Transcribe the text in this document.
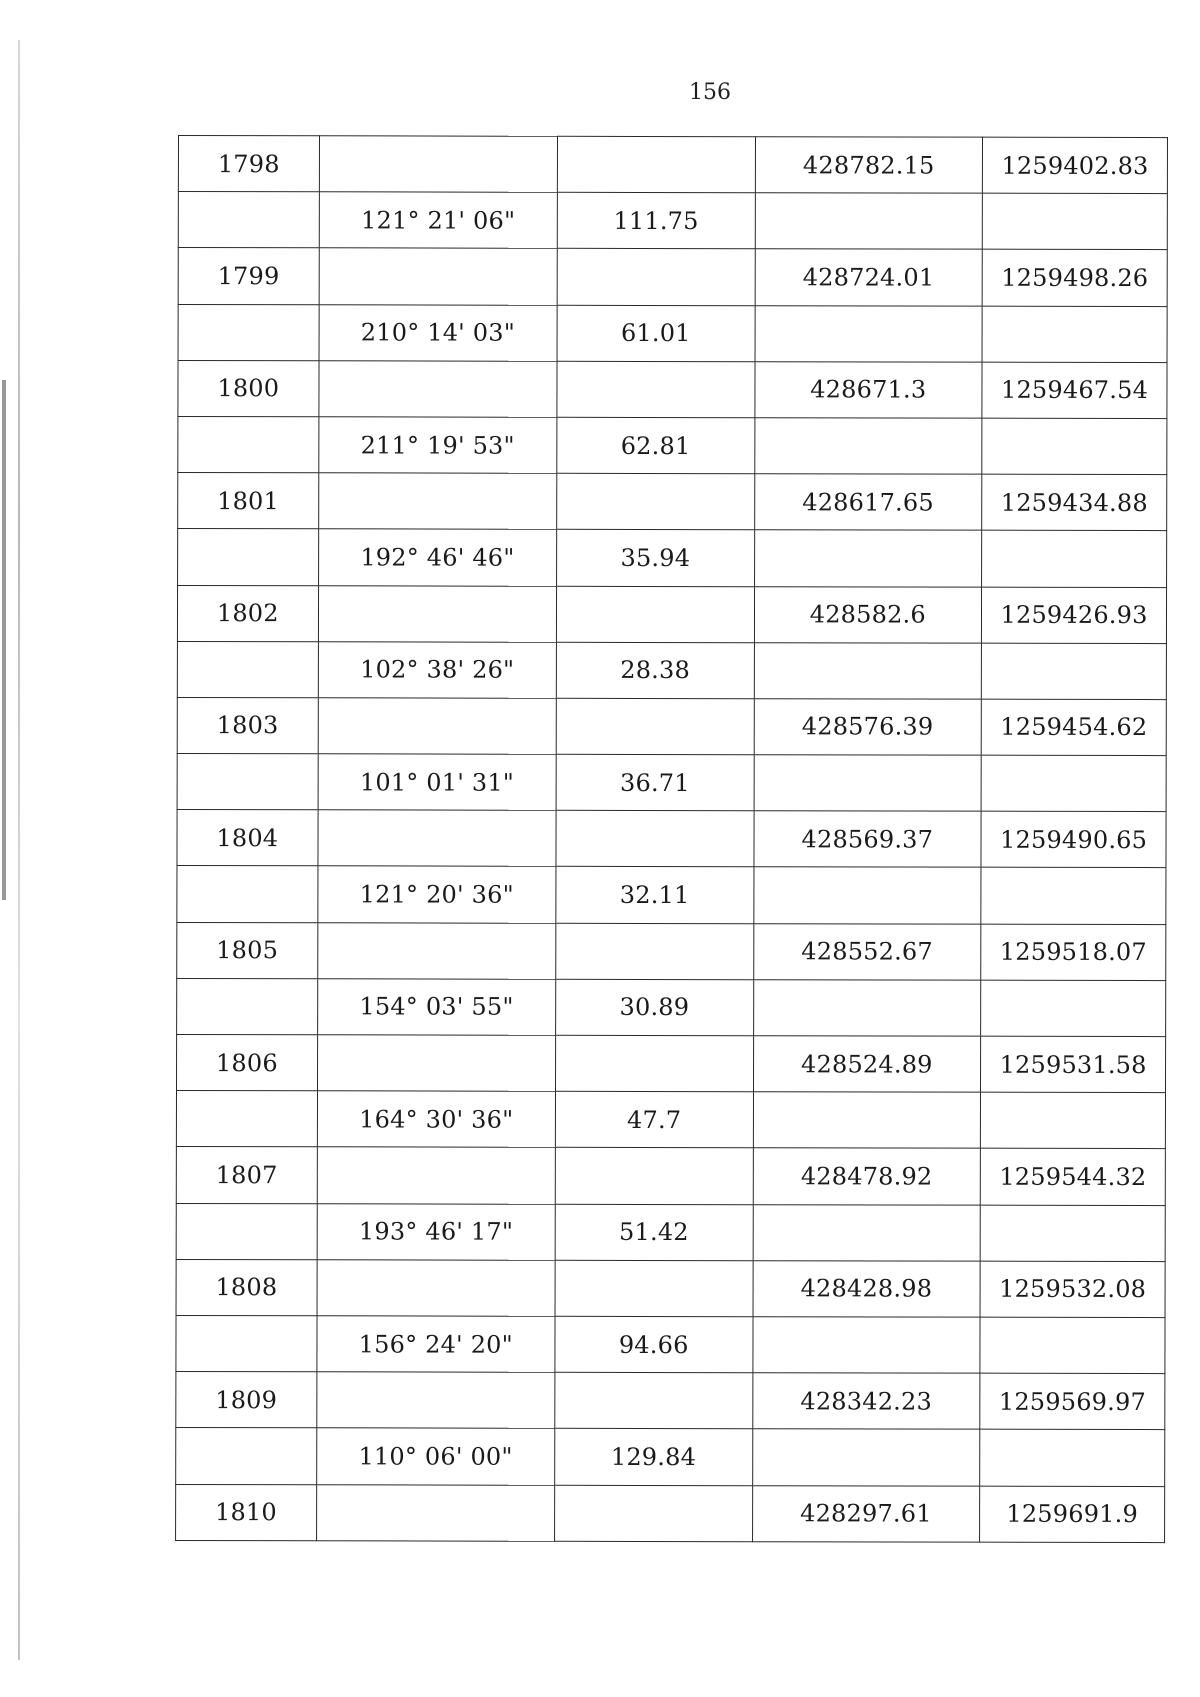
156
1798			428782.15	1259402.83
	121° 21' 06"	111.75		
1799			428724.01	1259498.26
	210° 14' 03"	61.01		
1800			428671.3	1259467.54
	211° 19' 53"	62.81		
1801			428617.65	1259434.88
	192° 46' 46"	35.94		
1802			428582.6	1259426.93
	102° 38' 26"	28.38		
1803			428576.39	1259454.62
	101° 01' 31"	36.71		
1804			428569.37	1259490.65
	121° 20' 36"	32.11		
1805			428552.67	1259518.07
	154° 03' 55"	30.89		
1806			428524.89	1259531.58
	164° 30' 36"	47.7		
1807			428478.92	1259544.32
	193° 46' 17"	51.42		
1808			428428.98	1259532.08
	156° 24' 20"	94.66		
1809			428342.23	1259569.97
	110° 06' 00"	129.84		
1810			428297.61	1259691.9
